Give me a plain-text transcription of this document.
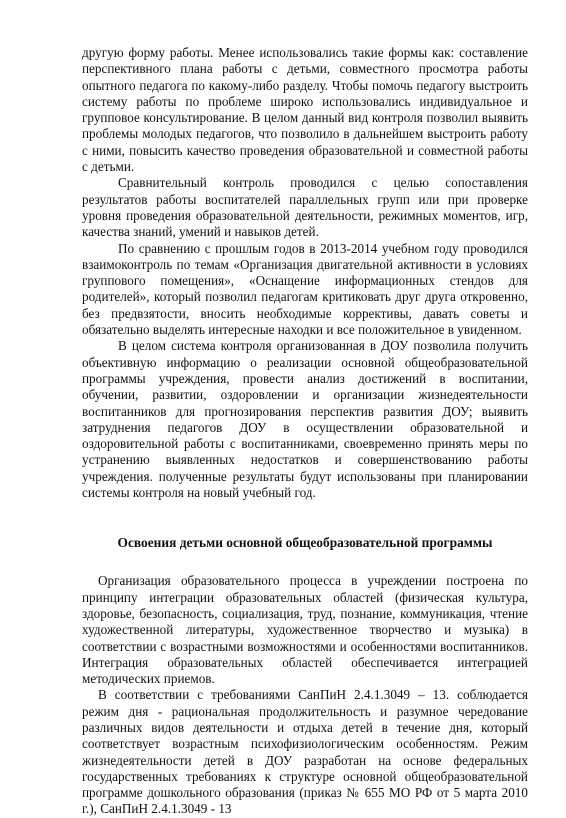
другую форму работы. Менее использовались такие формы как: составление перспективного плана работы с детьми, совместного просмотра работы опытного педагога по какому-либо разделу. Чтобы помочь педагогу выстроить систему работы по проблеме широко использовались индивидуальное и групповое консультирование. В целом данный вид контроля позволил выявить проблемы молодых педагогов, что позволило в дальнейшем выстроить работу с ними, повысить качество проведения образовательной и совместной работы с детьми.

Сравнительный контроль проводился с целью сопоставления результатов работы воспитателей параллельных групп или при проверке уровня проведения образовательной деятельности, режимных моментов, игр, качества знаний, умений и навыков детей.

По сравнению с прошлым годов в 2013-2014 учебном году проводился взаимоконтроль по темам «Организация двигательной активности в условиях группового помещения», «Оснащение информационных стендов для родителей», который позволил педагогам критиковать друг друга откровенно, без предвзятости, вносить необходимые коррективы, давать советы и обязательно выделять интересные находки и все положительное в увиденном.

В целом система контроля организованная в ДОУ позволила получить объективную информацию о реализации основной общеобразовательной программы учреждения, провести анализ достижений в воспитании, обучении, развитии, оздоровлении и организации жизнедеятельности воспитанников для прогнозирования перспектив развития ДОУ; выявить затруднения педагогов ДОУ в осуществлении образовательной и оздоровительной работы с воспитанниками, своевременно принять меры по устранению выявленных недостатков и совершенствованию работы учреждения. полученные результаты будут использованы при планировании системы контроля на новый учебный год.

Освоения детьми основной общеобразовательной программы

Организация образовательного процесса в учреждении построена по принципу интеграции образовательных областей (физическая культура, здоровье, безопасность, социализация, труд, познание, коммуникация, чтение художественной литературы, художественное творчество и музыка) в соответствии с возрастными возможностями и особенностями воспитанников. Интеграция образовательных областей обеспечивается интеграцией методических приемов.

В соответствии с требованиями СанПиН 2.4.1.3049 – 13. соблюдается режим дня - рациональная продолжительность и разумное чередование различных видов деятельности и отдыха детей в течение дня, который соответствует возрастным психофизиологическим особенностям. Режим жизнедеятельности детей в ДОУ разработан на основе федеральных государственных требованиях к структуре основной общеобразовательной программе дошкольного образования (приказ № 655 МО РФ от 5 марта 2010 г.), СанПиН 2.4.1.3049 - 13
